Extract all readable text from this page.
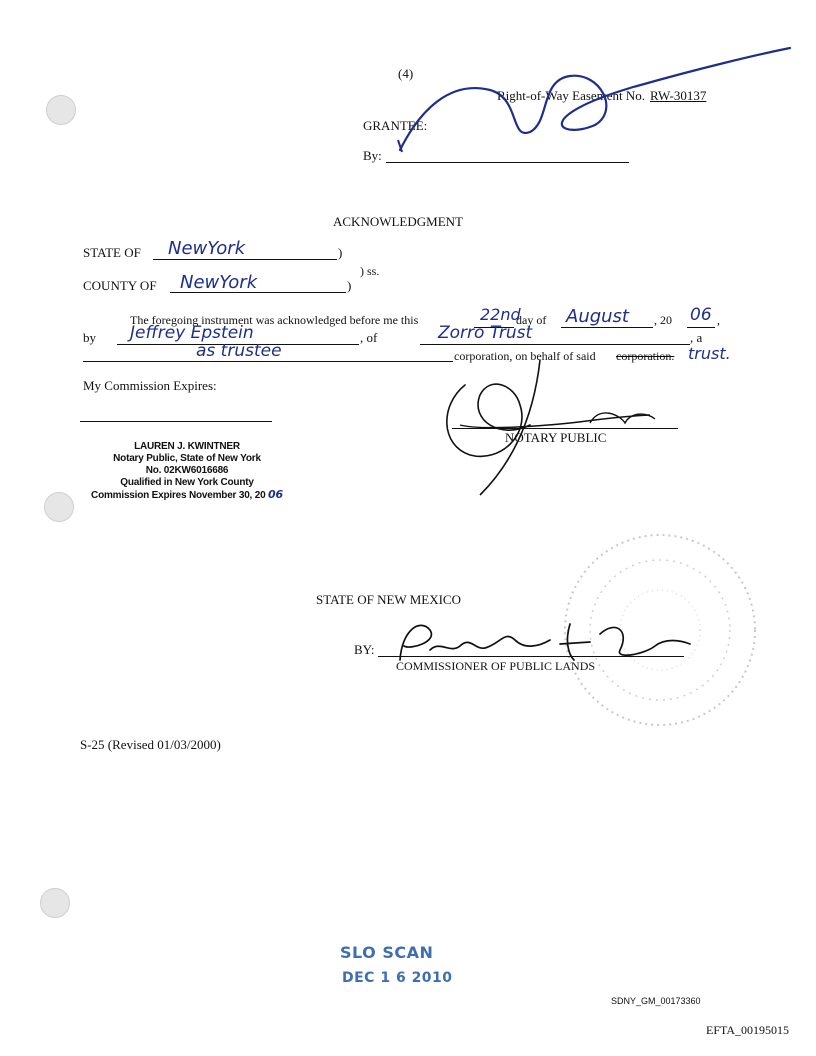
(4)
Right-of-Way Easement No. RW-30137
GRANTEE:
By:
ACKNOWLEDGMENT
STATE OF NewYork	)
) ss.
COUNTY OF NewYork	)
The foregoing instrument was acknowledged before me this	22nd
day of August , 20 06 ,
by Jeffrey Epstein	, of	Zorro Trust	, a
as trustee	corporation, on behalf of said corporation. trust.
My Commission Expires:
NOTARY PUBLIC
LAUREN J. KWINTNER
Notary Public, State of New York
No. 02KW6016686
Qualified in New York County
Commission Expires November 30, 20 06
STATE OF NEW MEXICO
BY:
COMMISSIONER OF PUBLIC LANDS
S-25 (Revised 01/03/2000)
SLO SCAN
DEC 1 6 2010
SDNY_GM_00173360
EFTA_00195015
